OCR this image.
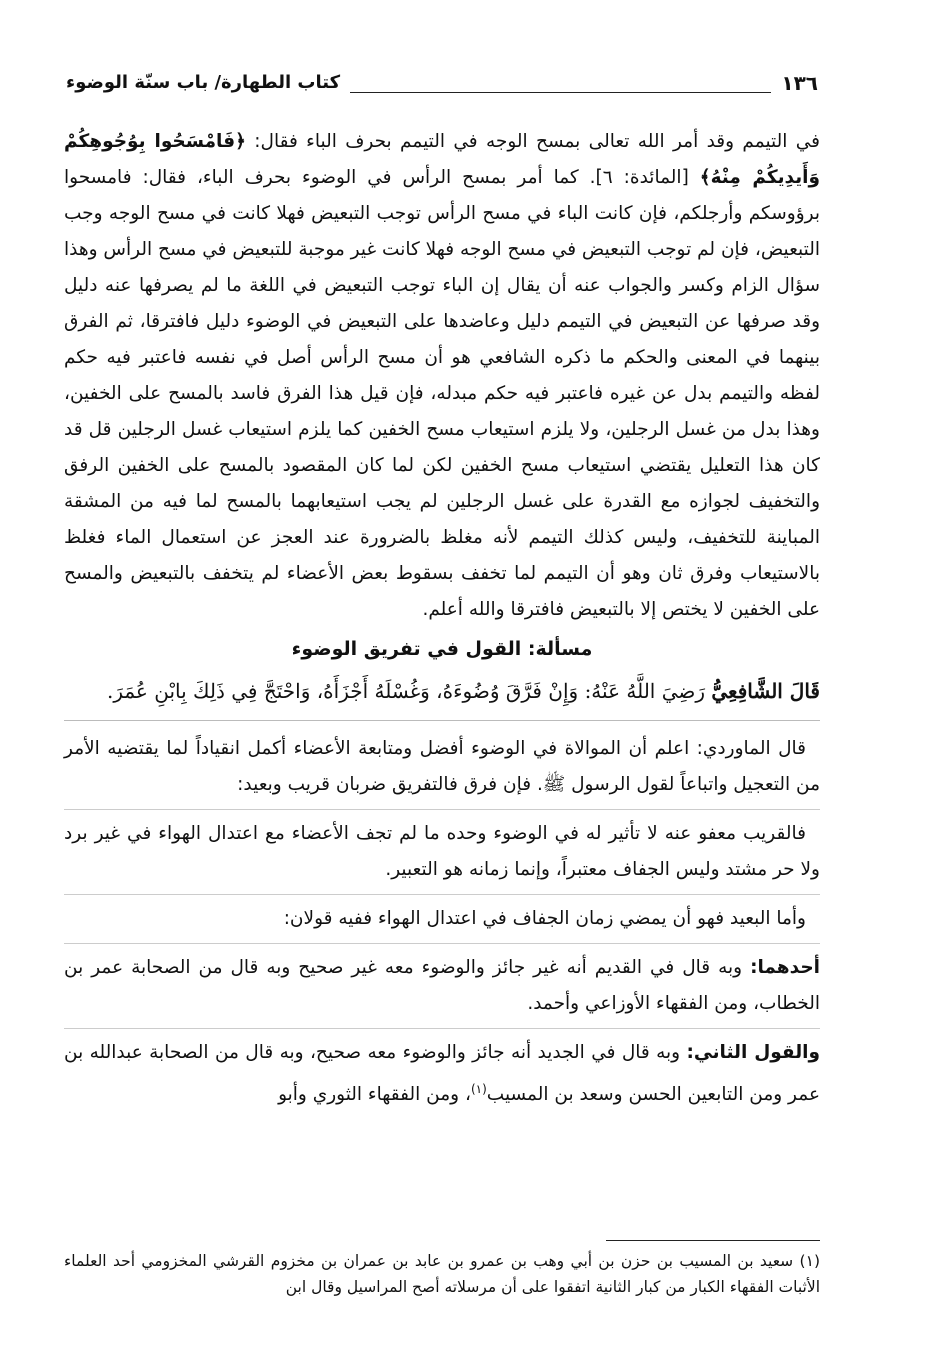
١٣٦
كتاب الطهارة/ باب سنّة الوضوء

في التيمم وقد أمر الله تعالى بمسح الوجه في التيمم بحرف الباء فقال: ﴿فَامْسَحُوا بِوُجُوهِكُمْ وَأَيدِيكُمْ مِنْهُ﴾ [المائدة: ٦]. كما أمر بمسح الرأس في الوضوء بحرف الباء، فقال: فامسحوا برؤوسكم وأرجلكم، فإن كانت الباء في مسح الرأس توجب التبعيض فهلا كانت في مسح الوجه وجب التبعيض، فإن لم توجب التبعيض في مسح الوجه فهلا كانت غير موجبة للتبعيض في مسح الرأس وهذا سؤال الزام وكسر والجواب عنه أن يقال إن الباء توجب التبعيض في اللغة ما لم يصرفها عنه دليل وقد صرفها عن التبعيض في التيمم دليل وعاضدها على التبعيض في الوضوء دليل فافترقا، ثم الفرق بينهما في المعنى والحكم ما ذكره الشافعي هو أن مسح الرأس أصل في نفسه فاعتبر فيه حكم لفظه والتيمم بدل عن غيره فاعتبر فيه حكم مبدله، فإن قيل هذا الفرق فاسد بالمسح على الخفين، وهذا بدل من غسل الرجلين، ولا يلزم استيعاب مسح الخفين كما يلزم استيعاب غسل الرجلين قل قد كان هذا التعليل يقتضي استيعاب مسح الخفين لكن لما كان المقصود بالمسح على الخفين الرفق والتخفيف لجوازه مع القدرة على غسل الرجلين لم يجب استيعابهما بالمسح لما فيه من المشقة المباينة للتخفيف، وليس كذلك التيمم لأنه مغلظ بالضرورة عند العجز عن استعمال الماء فغلظ بالاستيعاب وفرق ثان وهو أن التيمم لما تخفف بسقوط بعض الأعضاء لم يتخفف بالتبعيض والمسح على الخفين لا يختص إلا بالتبعيض فافترقا والله أعلم.

مسألة: القول في تفريق الوضوء

قَالَ الشَّافِعِيُّ رَضِيَ اللَّهُ عَنْهُ: وَإِنْ فَرَّقَ وُضُوءَهُ، وَغُسْلَهُ أَجْزَأَهُ، وَاحْتَجَّ فِي ذَلِكَ بِابْنِ عُمَرَ.

قال الماوردي: اعلم أن الموالاة في الوضوء أفضل ومتابعة الأعضاء أكمل انقياداً لما يقتضيه الأمر من التعجيل واتباعاً لقول الرسول ﷺ. فإن فرق فالتفريق ضربان قريب وبعيد:

فالقريب معفو عنه لا تأثير له في الوضوء وحده ما لم تجف الأعضاء مع اعتدال الهواء في غير برد ولا حر مشتد وليس الجفاف معتبراً، وإنما زمانه هو التعبير.

وأما البعيد فهو أن يمضي زمان الجفاف في اعتدال الهواء ففيه قولان:

أحدهما: وبه قال في القديم أنه غير جائز والوضوء معه غير صحيح وبه قال من الصحابة عمر بن الخطاب، ومن الفقهاء الأوزاعي وأحمد.

والقول الثاني: وبه قال في الجديد أنه جائز والوضوء معه صحيح، وبه قال من الصحابة عبدالله بن عمر ومن التابعين الحسن وسعد بن المسيب$^{(١)}$، ومن الفقهاء الثوري وأبو

(١) سعيد بن المسيب بن حزن بن أبي وهب بن عمرو بن عابد بن عمران بن مخزوم القرشي المخزومي أحد العلماء الأثبات الفقهاء الكبار من كبار الثانية اتفقوا على أن مرسلاته أصح المراسيل وقال ابن
